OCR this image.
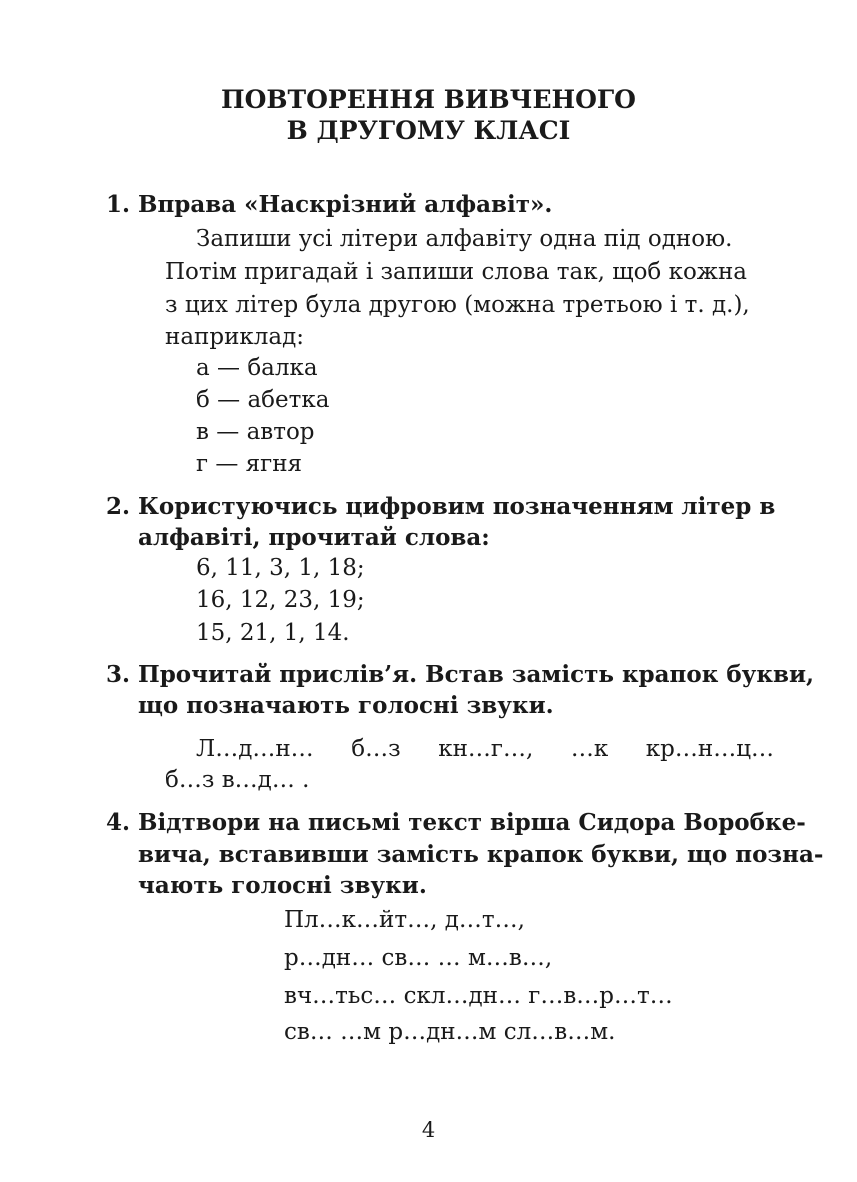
ПОВТОРЕННЯ ВИВЧЕНОГО
В ДРУГОМУ КЛАСІ
1. Вправа «Наскрізний алфавіт».
Запиши усі літери алфавіту одна під одною.
Потім пригадай і запиши слова так, щоб кожна
з цих літер була другою (можна третьою і т. д.),
наприклад:
а — балка
б — абетка
в — автор
г — ягня
2. Користуючись цифровим позначенням літер в
алфавіті, прочитай слова:
6, 11, 3, 1, 18;
16, 12, 23, 19;
15, 21, 1, 14.
3. Прочитай прислів’я. Встав замість крапок букви,
що позначають голосні звуки.
Л…д…н… б…з кн…г…, …к кр…н…ц…
б…з в…д… .
4. Відтвори на письмі текст вірша Сидора Воробке-
вича, вставивши замість крапок букви, що позна-
чають голосні звуки.
Пл…к…йт…, д…т…,
р…дн… св… … м…в…,
вч…тьс… скл…дн… г…в…р…т…
св… …м р…дн…м сл…в…м.
4
